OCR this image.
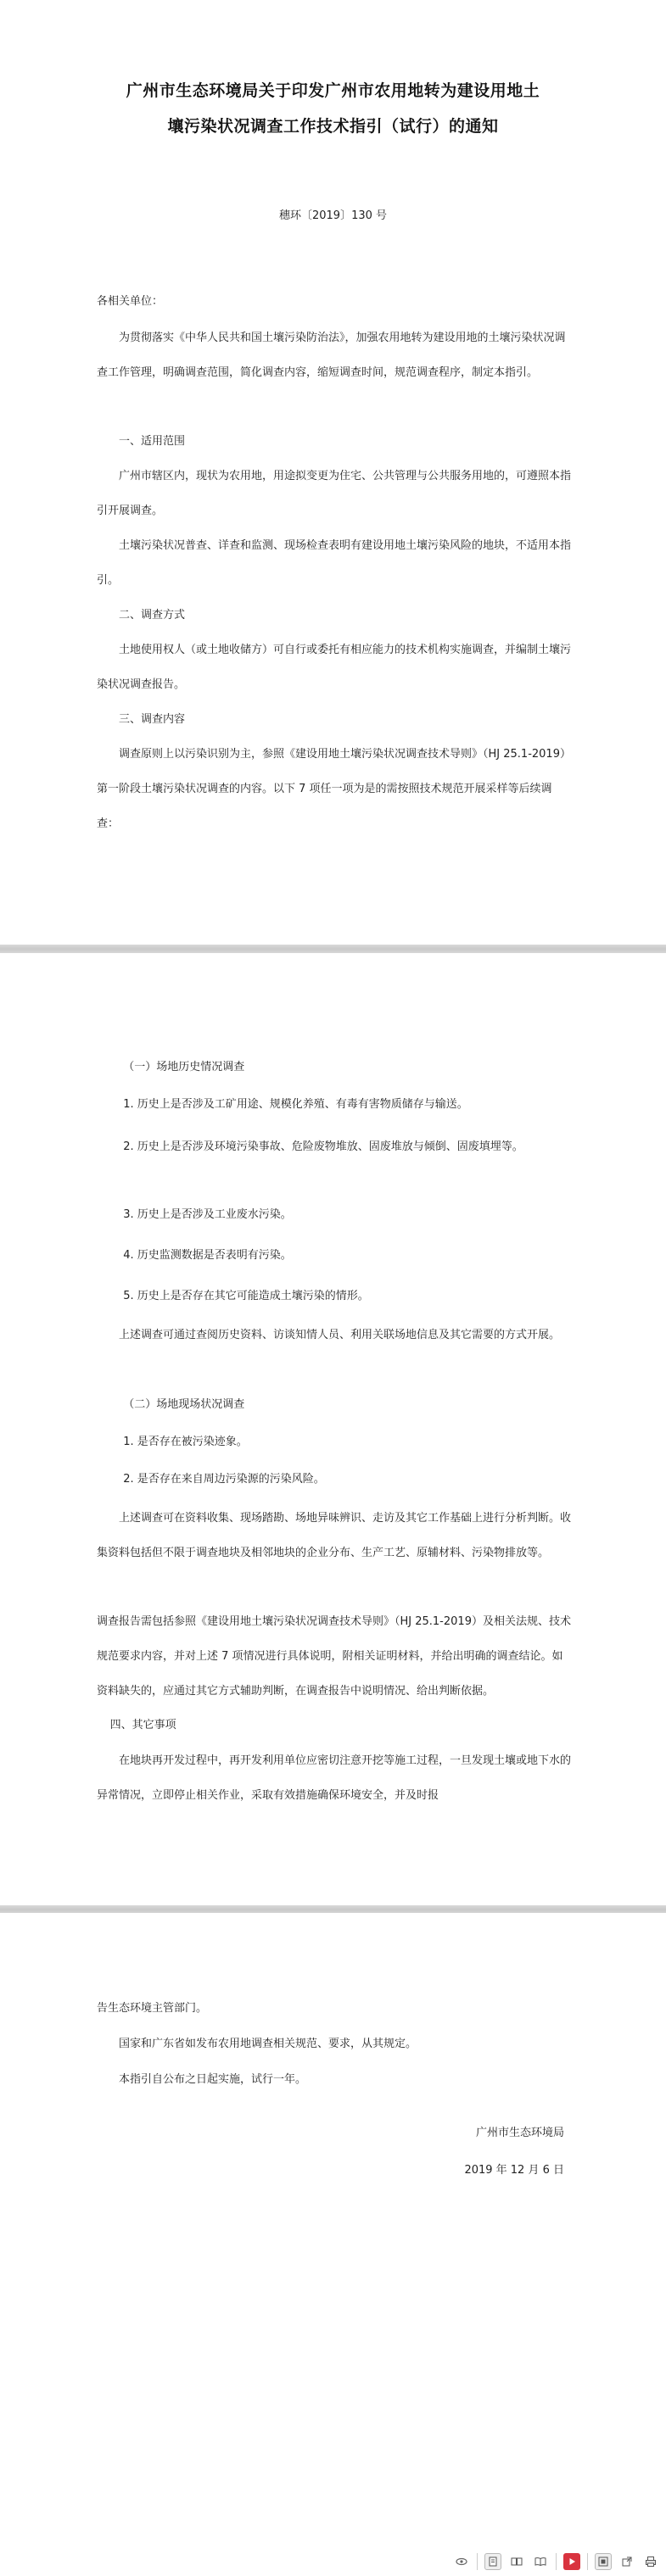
广州市生态环境局关于印发广州市农用地转为建设用地土
壤污染状况调查工作技术指引（试行）的通知
穗环〔2019〕130 号

各相关单位：

为贯彻落实《中华人民共和国土壤污染防治法》，加强农用地转为建设用地的土壤污染状况调查工作管理，明确调查范围，简化调查内容，缩短调查时间，规范调查程序，制定本指引。

一、适用范围

广州市辖区内，现状为农用地，用途拟变更为住宅、公共管理与公共服务用地的，可遵照本指引开展调查。

土壤污染状况普查、详查和监测、现场检查表明有建设用地土壤污染风险的地块，不适用本指引。

二、调查方式

土地使用权人（或土地收储方）可自行或委托有相应能力的技术机构实施调查，并编制土壤污染状况调查报告。

三、调查内容

调查原则上以污染识别为主，参照《建设用地土壤污染状况调查技术导则》（HJ 25.1-2019）第一阶段土壤污染状况调查的内容。以下 7 项任一项为是的需按照技术规范开展采样等后续调查：

（一）场地历史情况调查

1. 历史上是否涉及工矿用途、规模化养殖、有毒有害物质储存与输送。

2. 历史上是否涉及环境污染事故、危险废物堆放、固废堆放与倾倒、固废填埋等。

3. 历史上是否涉及工业废水污染。

4. 历史监测数据是否表明有污染。

5. 历史上是否存在其它可能造成土壤污染的情形。

上述调查可通过查阅历史资料、访谈知情人员、利用关联场地信息及其它需要的方式开展。

（二）场地现场状况调查

1. 是否存在被污染迹象。

2. 是否存在来自周边污染源的污染风险。

上述调查可在资料收集、现场踏勘、场地异味辨识、走访及其它工作基础上进行分析判断。收集资料包括但不限于调查地块及相邻地块的企业分布、生产工艺、原辅材料、污染物排放等。

调查报告需包括参照《建设用地土壤污染状况调查技术导则》（HJ 25.1-2019）及相关法规、技术规范要求内容，并对上述 7 项情况进行具体说明，附相关证明材料，并给出明确的调查结论。如资料缺失的，应通过其它方式辅助判断，在调查报告中说明情况、给出判断依据。

四、其它事项

在地块再开发过程中，再开发利用单位应密切注意开挖等施工过程，一旦发现土壤或地下水的异常情况，立即停止相关作业，采取有效措施确保环境安全，并及时报

告生态环境主管部门。

国家和广东省如发布农用地调查相关规范、要求，从其规定。

本指引自公布之日起实施，试行一年。

广州市生态环境局
2019 年 12 月 6 日
